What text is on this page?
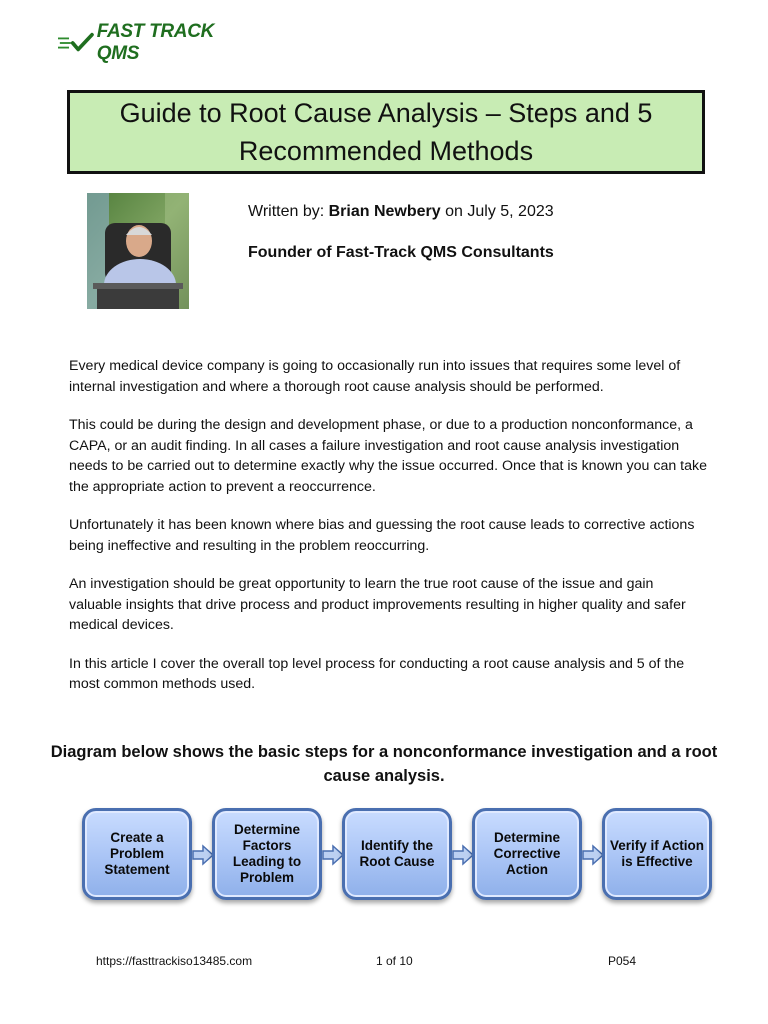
FAST TRACK QMS
Guide to Root Cause Analysis – Steps and 5 Recommended Methods
Written by: Brian Newbery on July 5, 2023
Founder of Fast-Track QMS Consultants

Every medical device company is going to occasionally run into issues that requires some level of internal investigation and where a thorough root cause analysis should be performed.

This could be during the design and development phase, or due to a production nonconformance, a CAPA, or an audit finding. In all cases a failure investigation and root cause analysis investigation needs to be carried out to determine exactly why the issue occurred. Once that is known you can take the appropriate action to prevent a reoccurrence.

Unfortunately it has been known where bias and guessing the root cause leads to corrective actions being ineffective and resulting in the problem reoccurring.

An investigation should be great opportunity to learn the true root cause of the issue and gain valuable insights that drive process and product improvements resulting in higher quality and safer medical devices.

In this article I cover the overall top level process for conducting a root cause analysis and 5 of the most common methods used.

Diagram below shows the basic steps for a nonconformance investigation and a root cause analysis.
Create a Problem Statement
Determine Factors Leading to Problem
Identify the Root Cause
Determine Corrective Action
Verify if Action is Effective
https://fasttrackiso13485.com	1 of 10	P054
